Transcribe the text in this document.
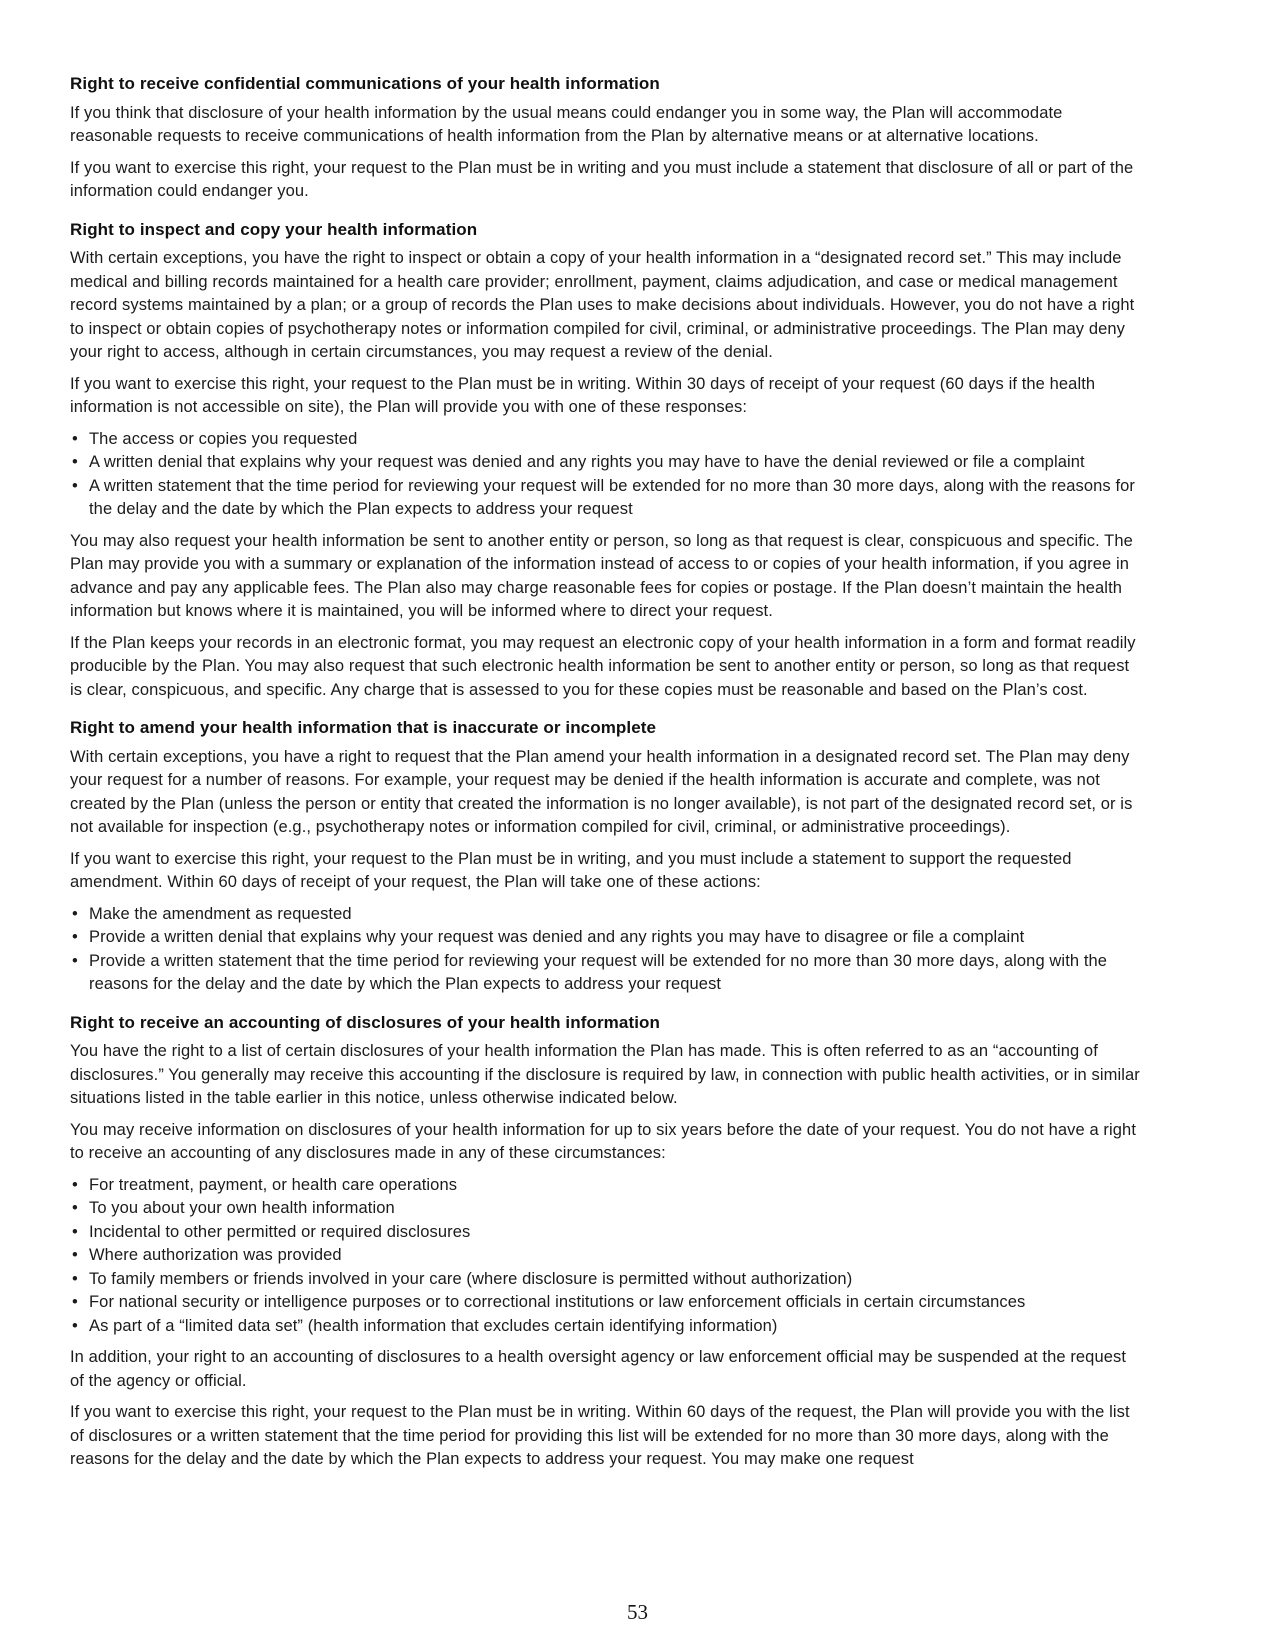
Right to receive confidential communications of your health information

If you think that disclosure of your health information by the usual means could endanger you in some way, the Plan will accommodate reasonable requests to receive communications of health information from the Plan by alternative means or at alternative locations.

If you want to exercise this right, your request to the Plan must be in writing and you must include a statement that disclosure of all or part of the information could endanger you.

Right to inspect and copy your health information

With certain exceptions, you have the right to inspect or obtain a copy of your health information in a “designated record set.” This may include medical and billing records maintained for a health care provider; enrollment, payment, claims adjudication, and case or medical management record systems maintained by a plan; or a group of records the Plan uses to make decisions about individuals. However, you do not have a right to inspect or obtain copies of psychotherapy notes or information compiled for civil, criminal, or administrative proceedings. The Plan may deny your right to access, although in certain circumstances, you may request a review of the denial.

If you want to exercise this right, your request to the Plan must be in writing. Within 30 days of receipt of your request (60 days if the health information is not accessible on site), the Plan will provide you with one of these responses:

• The access or copies you requested
• A written denial that explains why your request was denied and any rights you may have to have the denial reviewed or file a complaint
• A written statement that the time period for reviewing your request will be extended for no more than 30 more days, along with the reasons for the delay and the date by which the Plan expects to address your request

You may also request your health information be sent to another entity or person, so long as that request is clear, conspicuous and specific. The Plan may provide you with a summary or explanation of the information instead of access to or copies of your health information, if you agree in advance and pay any applicable fees. The Plan also may charge reasonable fees for copies or postage. If the Plan doesn’t maintain the health information but knows where it is maintained, you will be informed where to direct your request.

If the Plan keeps your records in an electronic format, you may request an electronic copy of your health information in a form and format readily producible by the Plan. You may also request that such electronic health information be sent to another entity or person, so long as that request is clear, conspicuous, and specific. Any charge that is assessed to you for these copies must be reasonable and based on the Plan’s cost.

Right to amend your health information that is inaccurate or incomplete

With certain exceptions, you have a right to request that the Plan amend your health information in a designated record set. The Plan may deny your request for a number of reasons. For example, your request may be denied if the health information is accurate and complete, was not created by the Plan (unless the person or entity that created the information is no longer available), is not part of the designated record set, or is not available for inspection (e.g., psychotherapy notes or information compiled for civil, criminal, or administrative proceedings).

If you want to exercise this right, your request to the Plan must be in writing, and you must include a statement to support the requested amendment. Within 60 days of receipt of your request, the Plan will take one of these actions:

• Make the amendment as requested
• Provide a written denial that explains why your request was denied and any rights you may have to disagree or file a complaint
• Provide a written statement that the time period for reviewing your request will be extended for no more than 30 more days, along with the reasons for the delay and the date by which the Plan expects to address your request
Right to receive an accounting of disclosures of your health information

You have the right to a list of certain disclosures of your health information the Plan has made. This is often referred to as an “accounting of disclosures.” You generally may receive this accounting if the disclosure is required by law, in connection with public health activities, or in similar situations listed in the table earlier in this notice, unless otherwise indicated below.

You may receive information on disclosures of your health information for up to six years before the date of your request. You do not have a right to receive an accounting of any disclosures made in any of these circumstances:

• For treatment, payment, or health care operations
• To you about your own health information
• Incidental to other permitted or required disclosures
• Where authorization was provided
• To family members or friends involved in your care (where disclosure is permitted without authorization)
• For national security or intelligence purposes or to correctional institutions or law enforcement officials in certain circumstances
• As part of a “limited data set” (health information that excludes certain identifying information)

In addition, your right to an accounting of disclosures to a health oversight agency or law enforcement official may be suspended at the request of the agency or official.

If you want to exercise this right, your request to the Plan must be in writing. Within 60 days of the request, the Plan will provide you with the list of disclosures or a written statement that the time period for providing this list will be extended for no more than 30 more days, along with the reasons for the delay and the date by which the Plan expects to address your request. You may make one request

53
